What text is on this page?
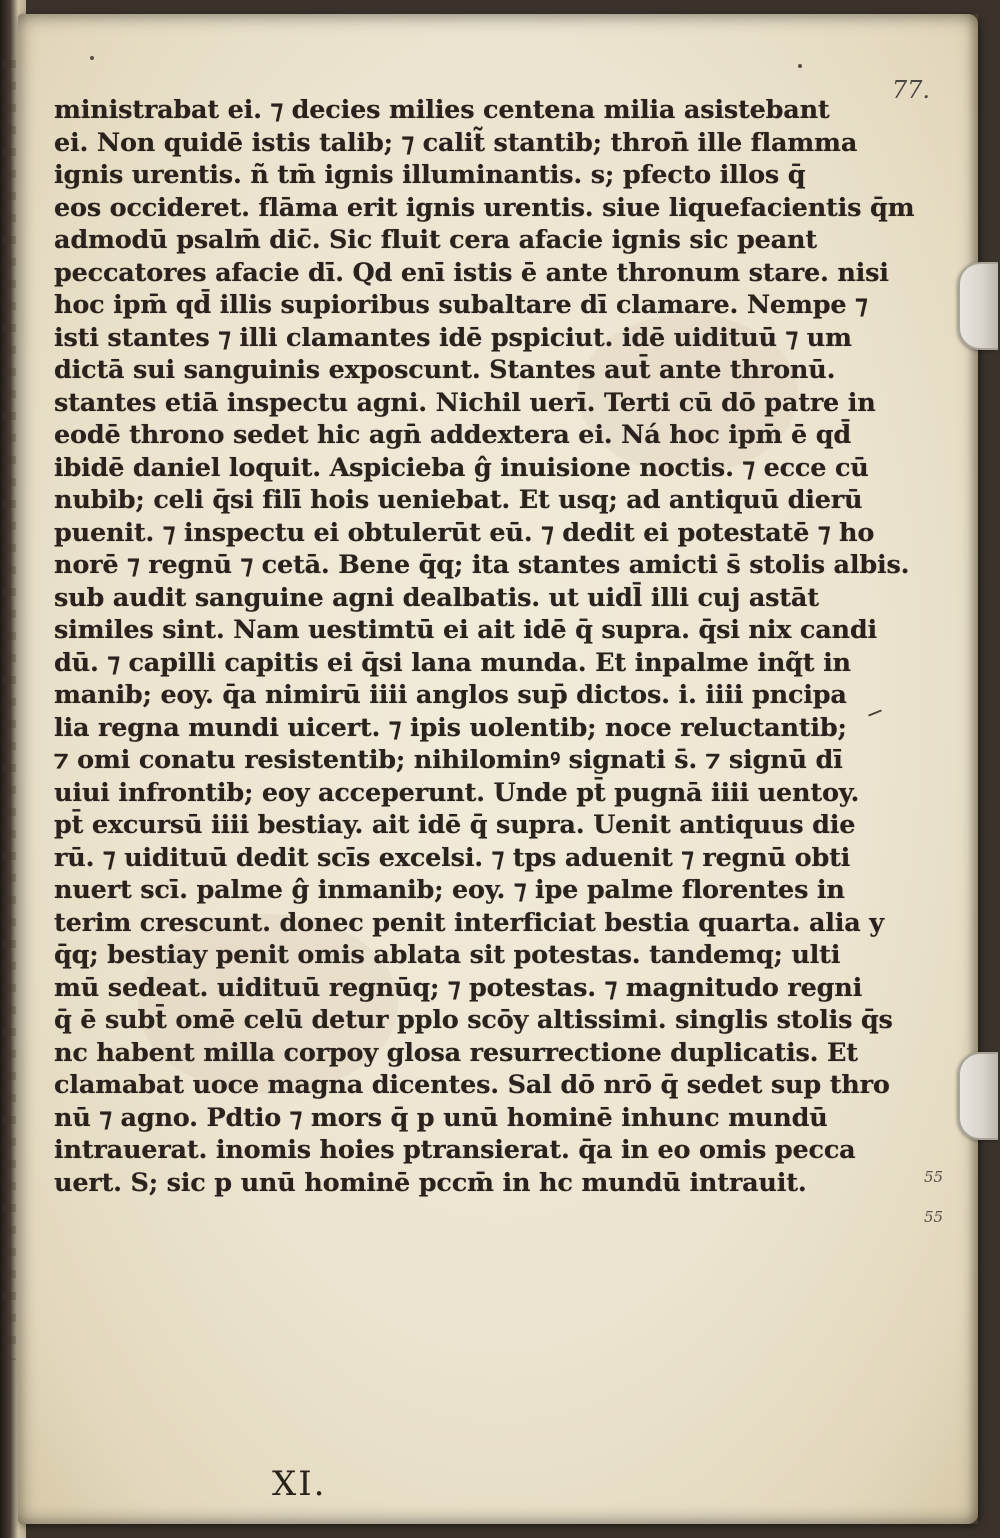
77.
ministrabat ei. ⁊ decies milies centena milia asistebant
ei. Non quidē istis talib; ⁊ calit̃ stantib; thron̄ ille flamma
ignis urentis. ñ tm̄ ignis illuminantis. s; pfecto illos q̄
eos occideret. flāma erit ignis urentis. siue liquefacientis q̄m
admodū psalm̄ dic̄. Sic fluit cera afacie ignis sic peant
peccatores afacie dī. Qd enī istis ē ante thronum stare. nisi
hoc ipm̄ qd̄ illis supioribus subaltare dī clamare. Nempe ⁊
isti stantes ⁊ illi clamantes idē pspiciut. idē uidituū ⁊ um
dictā sui sanguinis exposcunt. Stantes aut̄ ante thronū.
stantes etiā inspectu agni. Nichil uerī. Terti cū dō patre in
eodē throno sedet hic agn̄ addextera ei. Ná hoc ipm̄ ē qd̄
ibidē daniel loquit. Aspicieba ĝ inuisione noctis. ⁊ ecce cū
nubib; celi q̄si filī hois ueniebat. Et usq; ad antiquū dierū
puenit. ⁊ inspectu ei obtulerūt eū. ⁊ dedit ei potestatē ⁊ ho
norē ⁊ regnū ⁊ cetā. Bene q̄q; ita stantes amicti s̄ stolis albis.
sub audit sanguine agni dealbatis. ut uidl̄ illi cuj astāt
similes sint. Nam uestimtū ei ait idē q̄ supra. q̄si nix candi
dū. ⁊ capilli capitis ei q̄si lana munda. Et inpalme inq̃t in
manib; eoy. q̄a nimirū iiii anglos sup̄ dictos. i. iiii pncipa
lia regna mundi uicert. ⁊ ipis uolentib; noce reluctantib;
⁊ omi conatu resistentib; nihilominꝰ signati s̄. ⁊ signū dī
uiui infrontib; eoy acceperunt. Unde pt̄ pugnā iiii uentoy.
pt̄ excursū iiii bestiay. ait idē q̄ supra. Uenit antiquus die
rū. ⁊ uidituū dedit scīs excelsi. ⁊ tps aduenit ⁊ regnū obti
nuert scī. palme ĝ inmanib; eoy. ⁊ ipe palme florentes in
terim crescunt. donec penit interficiat bestia quarta. alia y
q̄q; bestiay penit omis ablata sit potestas. tandemq; ulti
mū sedeat. uidituū regnūq; ⁊ potestas. ⁊ magnitudo regni
q̄ ē subt̄ omē celū detur pplo scōy altissimi. singlis stolis q̄s
nc habent milla corpoy glosa resurrectione duplicatis. Et
clamabat uoce magna dicentes. Sal dō nrō q̄ sedet sup thro
nū ⁊ agno. Pdtio ⁊ mors q̄ p unū hominē inhunc mundū
intrauerat. inomis hoies ptransierat. q̄a in eo omis pecca
uert. S; sic p unū hominē pccm̄ in hc mundū intrauit.	55
55
XI.
